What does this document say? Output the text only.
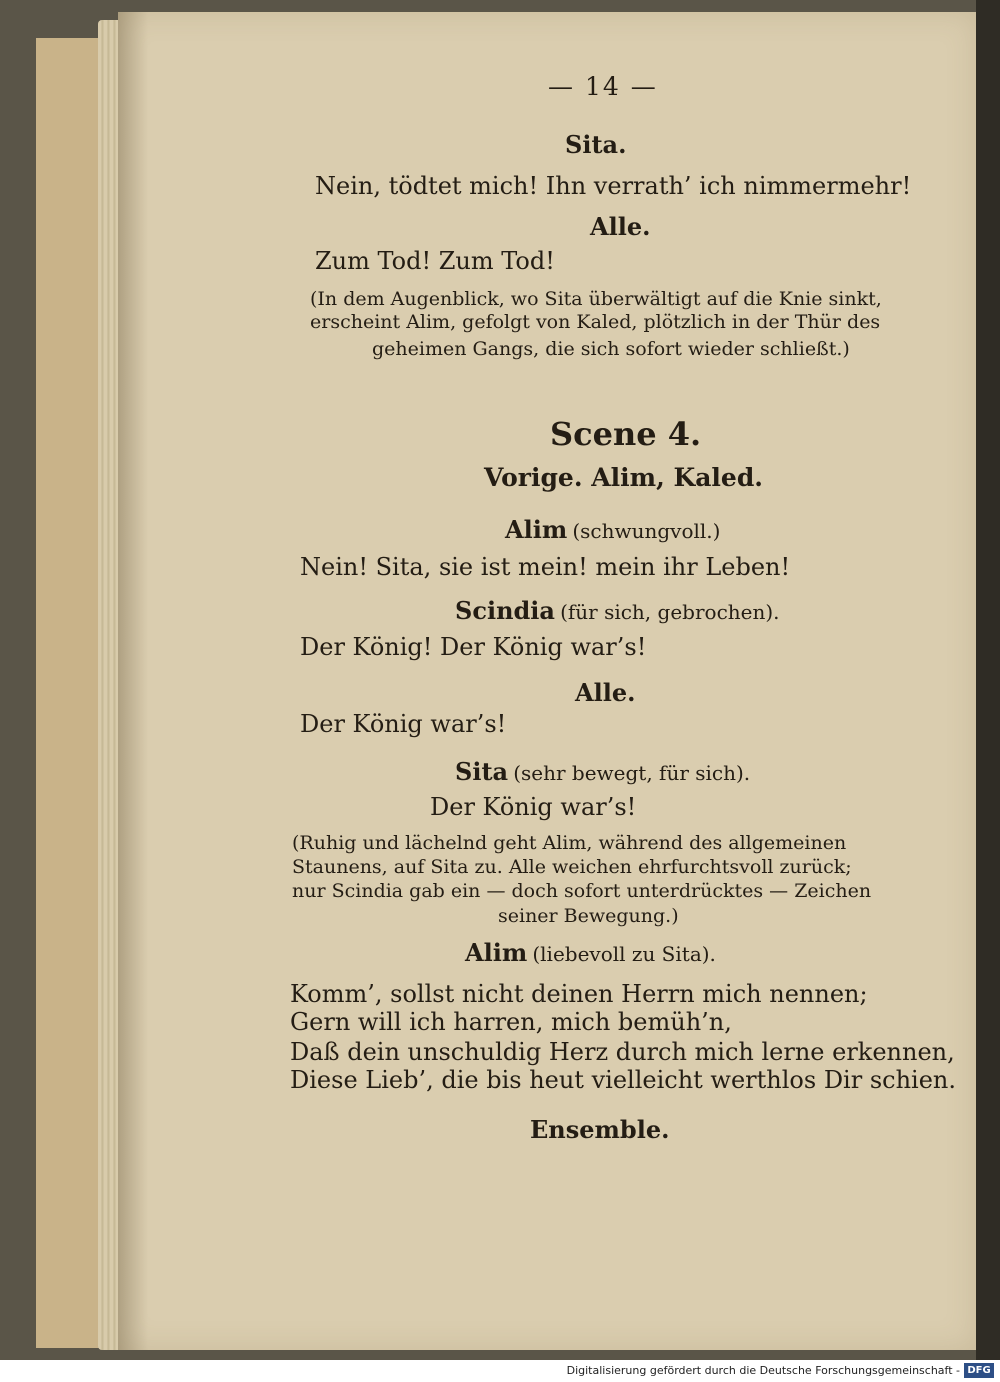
— 14 —
Sita.
Nein, tödtet mich! Ihn verrath’ ich nimmermehr!
Alle.
Zum Tod! Zum Tod!
(In dem Augenblick, wo Sita überwältigt auf die Knie sinkt,
erscheint Alim, gefolgt von Kaled, plötzlich in der Thür des
geheimen Gangs, die sich sofort wieder schließt.)
Scene 4.
Vorige. Alim, Kaled.
Alim (schwungvoll.)
Nein! Sita, sie ist mein! mein ihr Leben!
Scindia (für sich, gebrochen).
Der König! Der König war’s!
Alle.
Der König war’s!
Sita (sehr bewegt, für sich).
Der König war’s!
(Ruhig und lächelnd geht Alim, während des allgemeinen
Staunens, auf Sita zu. Alle weichen ehrfurchtsvoll zurück;
nur Scindia gab ein — doch sofort unterdrücktes — Zeichen
seiner Bewegung.)
Alim (liebevoll zu Sita).
Komm’, sollst nicht deinen Herrn mich nennen;
Gern will ich harren, mich bemüh’n,
Daß dein unschuldig Herz durch mich lerne erkennen,
Diese Lieb’, die bis heut vielleicht werthlos Dir schien.
Ensemble.
Digitalisierung gefördert durch die Deutsche Forschungsgemeinschaft - DFG
